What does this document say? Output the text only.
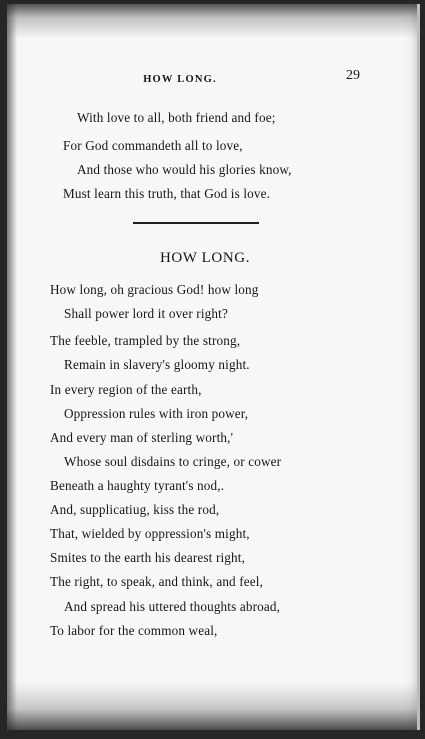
HOW LONG.	29
With love to all, both friend and foe;
For God commandeth all to love,
And those who would his glories know,
Must learn this truth, that God is love.
HOW LONG.
How long, oh gracious God! how long
Shall power lord it over right?
The feeble, trampled by the strong,
Remain in slavery's gloomy night.
In every region of the earth,
Oppression rules with iron power,
And every man of sterling worth,'
Whose soul disdains to cringe, or cower
Beneath a haughty tyrant's nod,.
And, supplicatiug, kiss the rod,
That, wielded by oppression's might,
Smites to the earth his dearest right,
The right, to speak, and think, and feel,
And spread his uttered thoughts abroad,
To labor for the common weal,
